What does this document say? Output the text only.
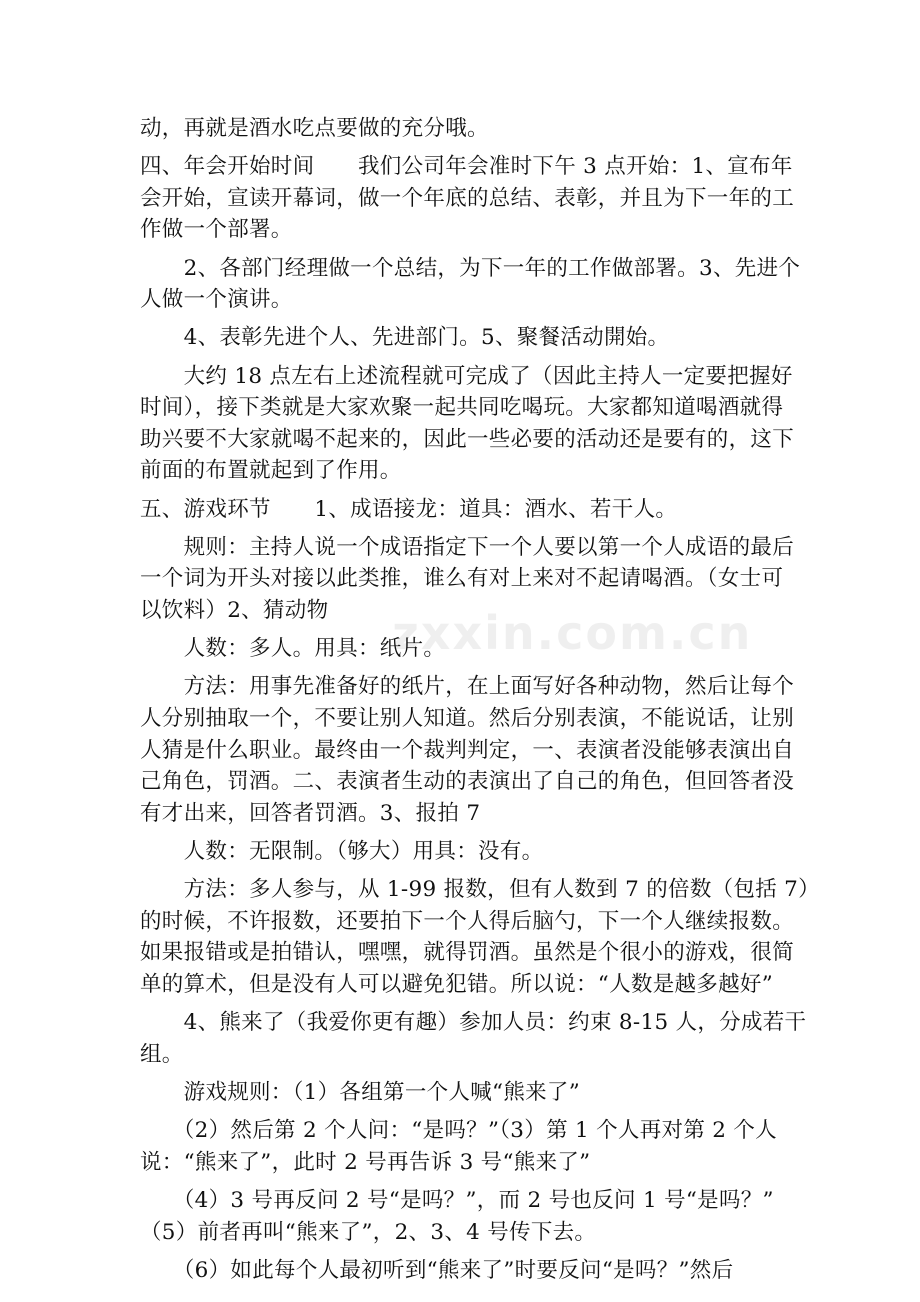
动，再就是酒水吃点要做的充分哦。
四、年会开始时间　　我们公司年会准时下午 3 点开始：1、宣布年
会开始，宣读开幕词，做一个年底的总结、表彰，并且为下一年的工
作做一个部署。
　　2、各部门经理做一个总结，为下一年的工作做部署。3、先进个
人做一个演讲。
　　4、表彰先进个人、先进部门。5、聚餐活动開始。
　　大约 18 点左右上述流程就可完成了（因此主持人一定要把握好
时间），接下类就是大家欢聚一起共同吃喝玩。大家都知道喝酒就得
助兴要不大家就喝不起来的，因此一些必要的活动还是要有的，这下
前面的布置就起到了作用。
五、游戏环节　　1、成语接龙：道具：酒水、若干人。
　　规则：主持人说一个成语指定下一个人要以第一个人成语的最后
一个词为开头对接以此类推，谁么有对上来对不起请喝酒。（女士可
以饮料）2、猜动物
　　人数：多人。用具：纸片。
　　方法：用事先准备好的纸片，在上面写好各种动物，然后让每个
人分别抽取一个，不要让别人知道。然后分别表演，不能说话，让别
人猜是什么职业。最终由一个裁判判定，一、表演者没能够表演出自
己角色，罚酒。二、表演者生动的表演出了自己的角色，但回答者没
有才出来，回答者罚酒。3、报拍 7
　　人数：无限制。（够大）用具：没有。
　　方法：多人参与，从 1-99 报数，但有人数到 7 的倍数（包括 7）
的时候，不许报数，还要拍下一个人得后脑勺，下一个人继续报数。
如果报错或是拍错认，嘿嘿，就得罚酒。虽然是个很小的游戏，很简
单的算术，但是没有人可以避免犯错。所以说：“人数是越多越好”
　　4、熊来了（我爱你更有趣）参加人员：约束 8-15 人，分成若干
组。
　　游戏规则：（1）各组第一个人喊“熊来了”
　　（2）然后第 2 个人问：“是吗？”（3）第 1 个人再对第 2 个人
说：“熊来了”，此时 2 号再告诉 3 号“熊来了”
　　（4）3 号再反问 2 号“是吗？”，而 2 号也反问 1 号“是吗？”
（5）前者再叫“熊来了”，2、3、4 号传下去。
　　（6）如此每个人最初听到“熊来了”时要反问“是吗？”然后
zxxin.com.cn
